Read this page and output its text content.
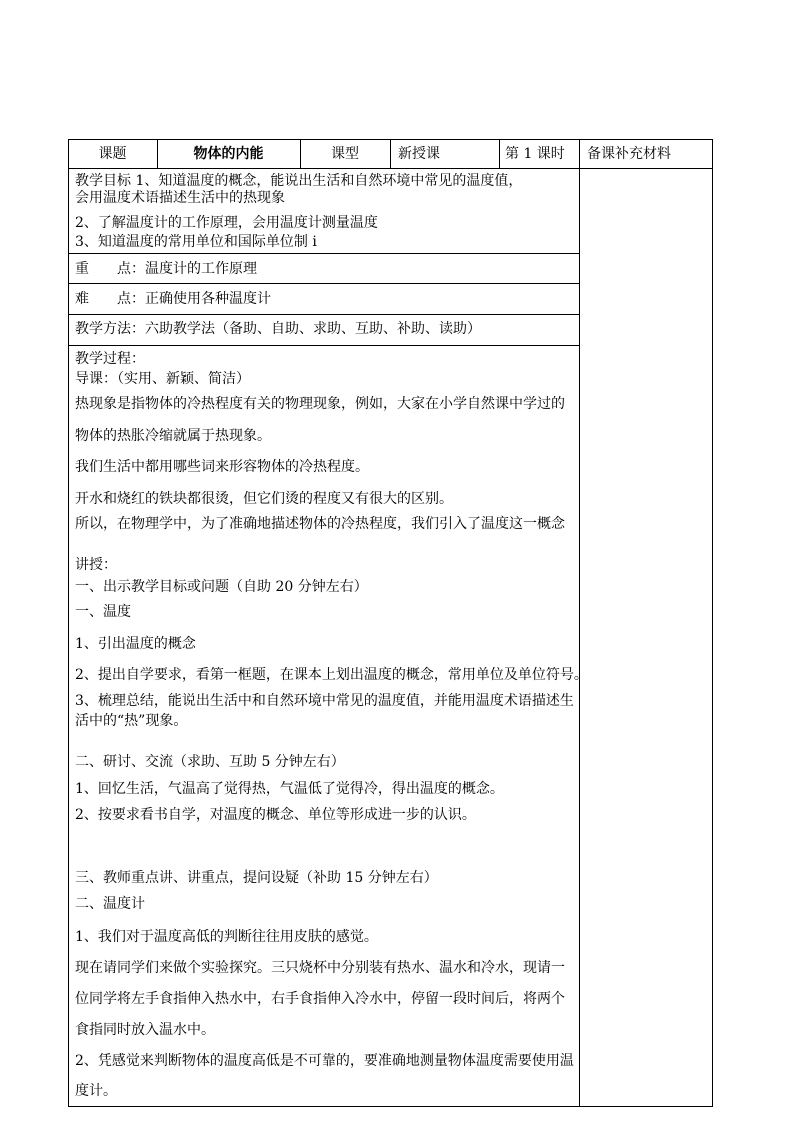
课题	物体的内能	课型	新授课	第 1 课时 备课补充材料
教学目标 1、知道温度的概念，能说出生活和自然环境中常见的温度值，
会用温度术语描述生活中的热现象
2、了解温度计的工作原理，会用温度计测量温度
3、知道温度的常用单位和国际单位制 i
重　　点： 温度计的工作原理
难　　点： 正确使用各种温度计
教学方法：六助教学法（备助、自助、求助、互助、补助、读助）
教学过程：
导课：（实用、新颖、简洁）
热现象是指物体的冷热程度有关的物理现象，例如，大家在小学自然课中学过的
物体的热胀冷缩就属于热现象。
我们生活中都用哪些词来形容物体的冷热程度。
开水和烧红的铁块都很烫，但它们烫的程度又有很大的区别。
所以，在物理学中，为了准确地描述物体的冷热程度，我们引入了温度这一概念
讲授：
一、出示教学目标或问题（自助 20 分钟左右）
一、温度
1、引出温度的概念
2、提出自学要求，看第一框题，在课本上划出温度的概念，常用单位及单位符号。
3、梳理总结，能说出生活中和自然环境中常见的温度值，并能用温度术语描述生
活中的“热”现象。
二、研讨、交流（求助、互助 5 分钟左右）
1、回忆生活，气温高了觉得热，气温低了觉得冷，得出温度的概念。
2、按要求看书自学，对温度的概念、单位等形成进一步的认识。
三、教师重点讲、讲重点，提问设疑（补助 15 分钟左右）
二、温度计
1、我们对于温度高低的判断往往用皮肤的感觉。
现在请同学们来做个实验探究。三只烧杯中分别装有热水、温水和冷水，现请一
位同学将左手食指伸入热水中，右手食指伸入冷水中，停留一段时间后，将两个
食指同时放入温水中。
2、凭感觉来判断物体的温度高低是不可靠的，要准确地测量物体温度需要使用温
度计。
